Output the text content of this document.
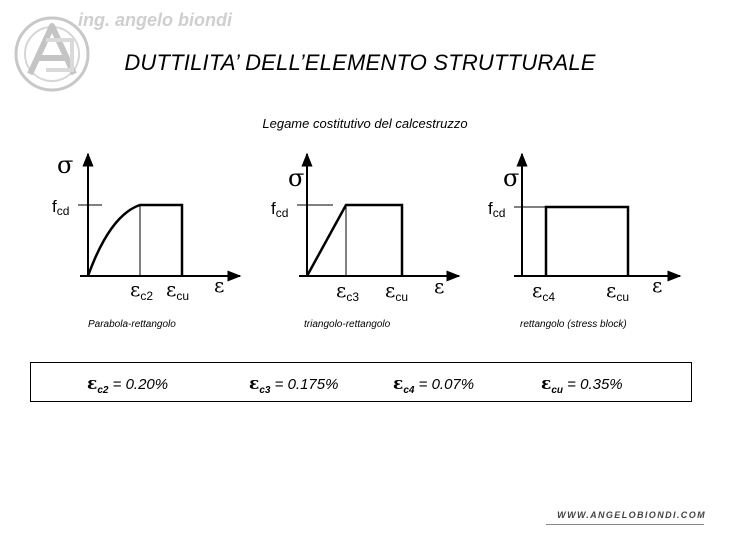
ing. angelo biondi
DUTTILITA’ DELL’ELEMENTO STRUTTURALE
Legame costitutivo del calcestruzzo
σ
fcd
$\varepsilon_{c2}$ $\varepsilon_{cu}$ ε
σ
fcd
$\varepsilon_{c3}$ $\varepsilon_{cu}$ ε
σ
fcd
$\varepsilon_{c4}$	$\varepsilon_{cu}$ ε
Parabola-rettangolo	triangolo-rettangolo	rettangolo (stress block)
$\varepsilon_{c2} = 0.20\%$	$\varepsilon_{c3} = 0.175\%$	$\varepsilon_{c4} = 0.07\%$	$\varepsilon_{cu} = 0.35\%$
WWW.ANGELOBIONDI.COM
